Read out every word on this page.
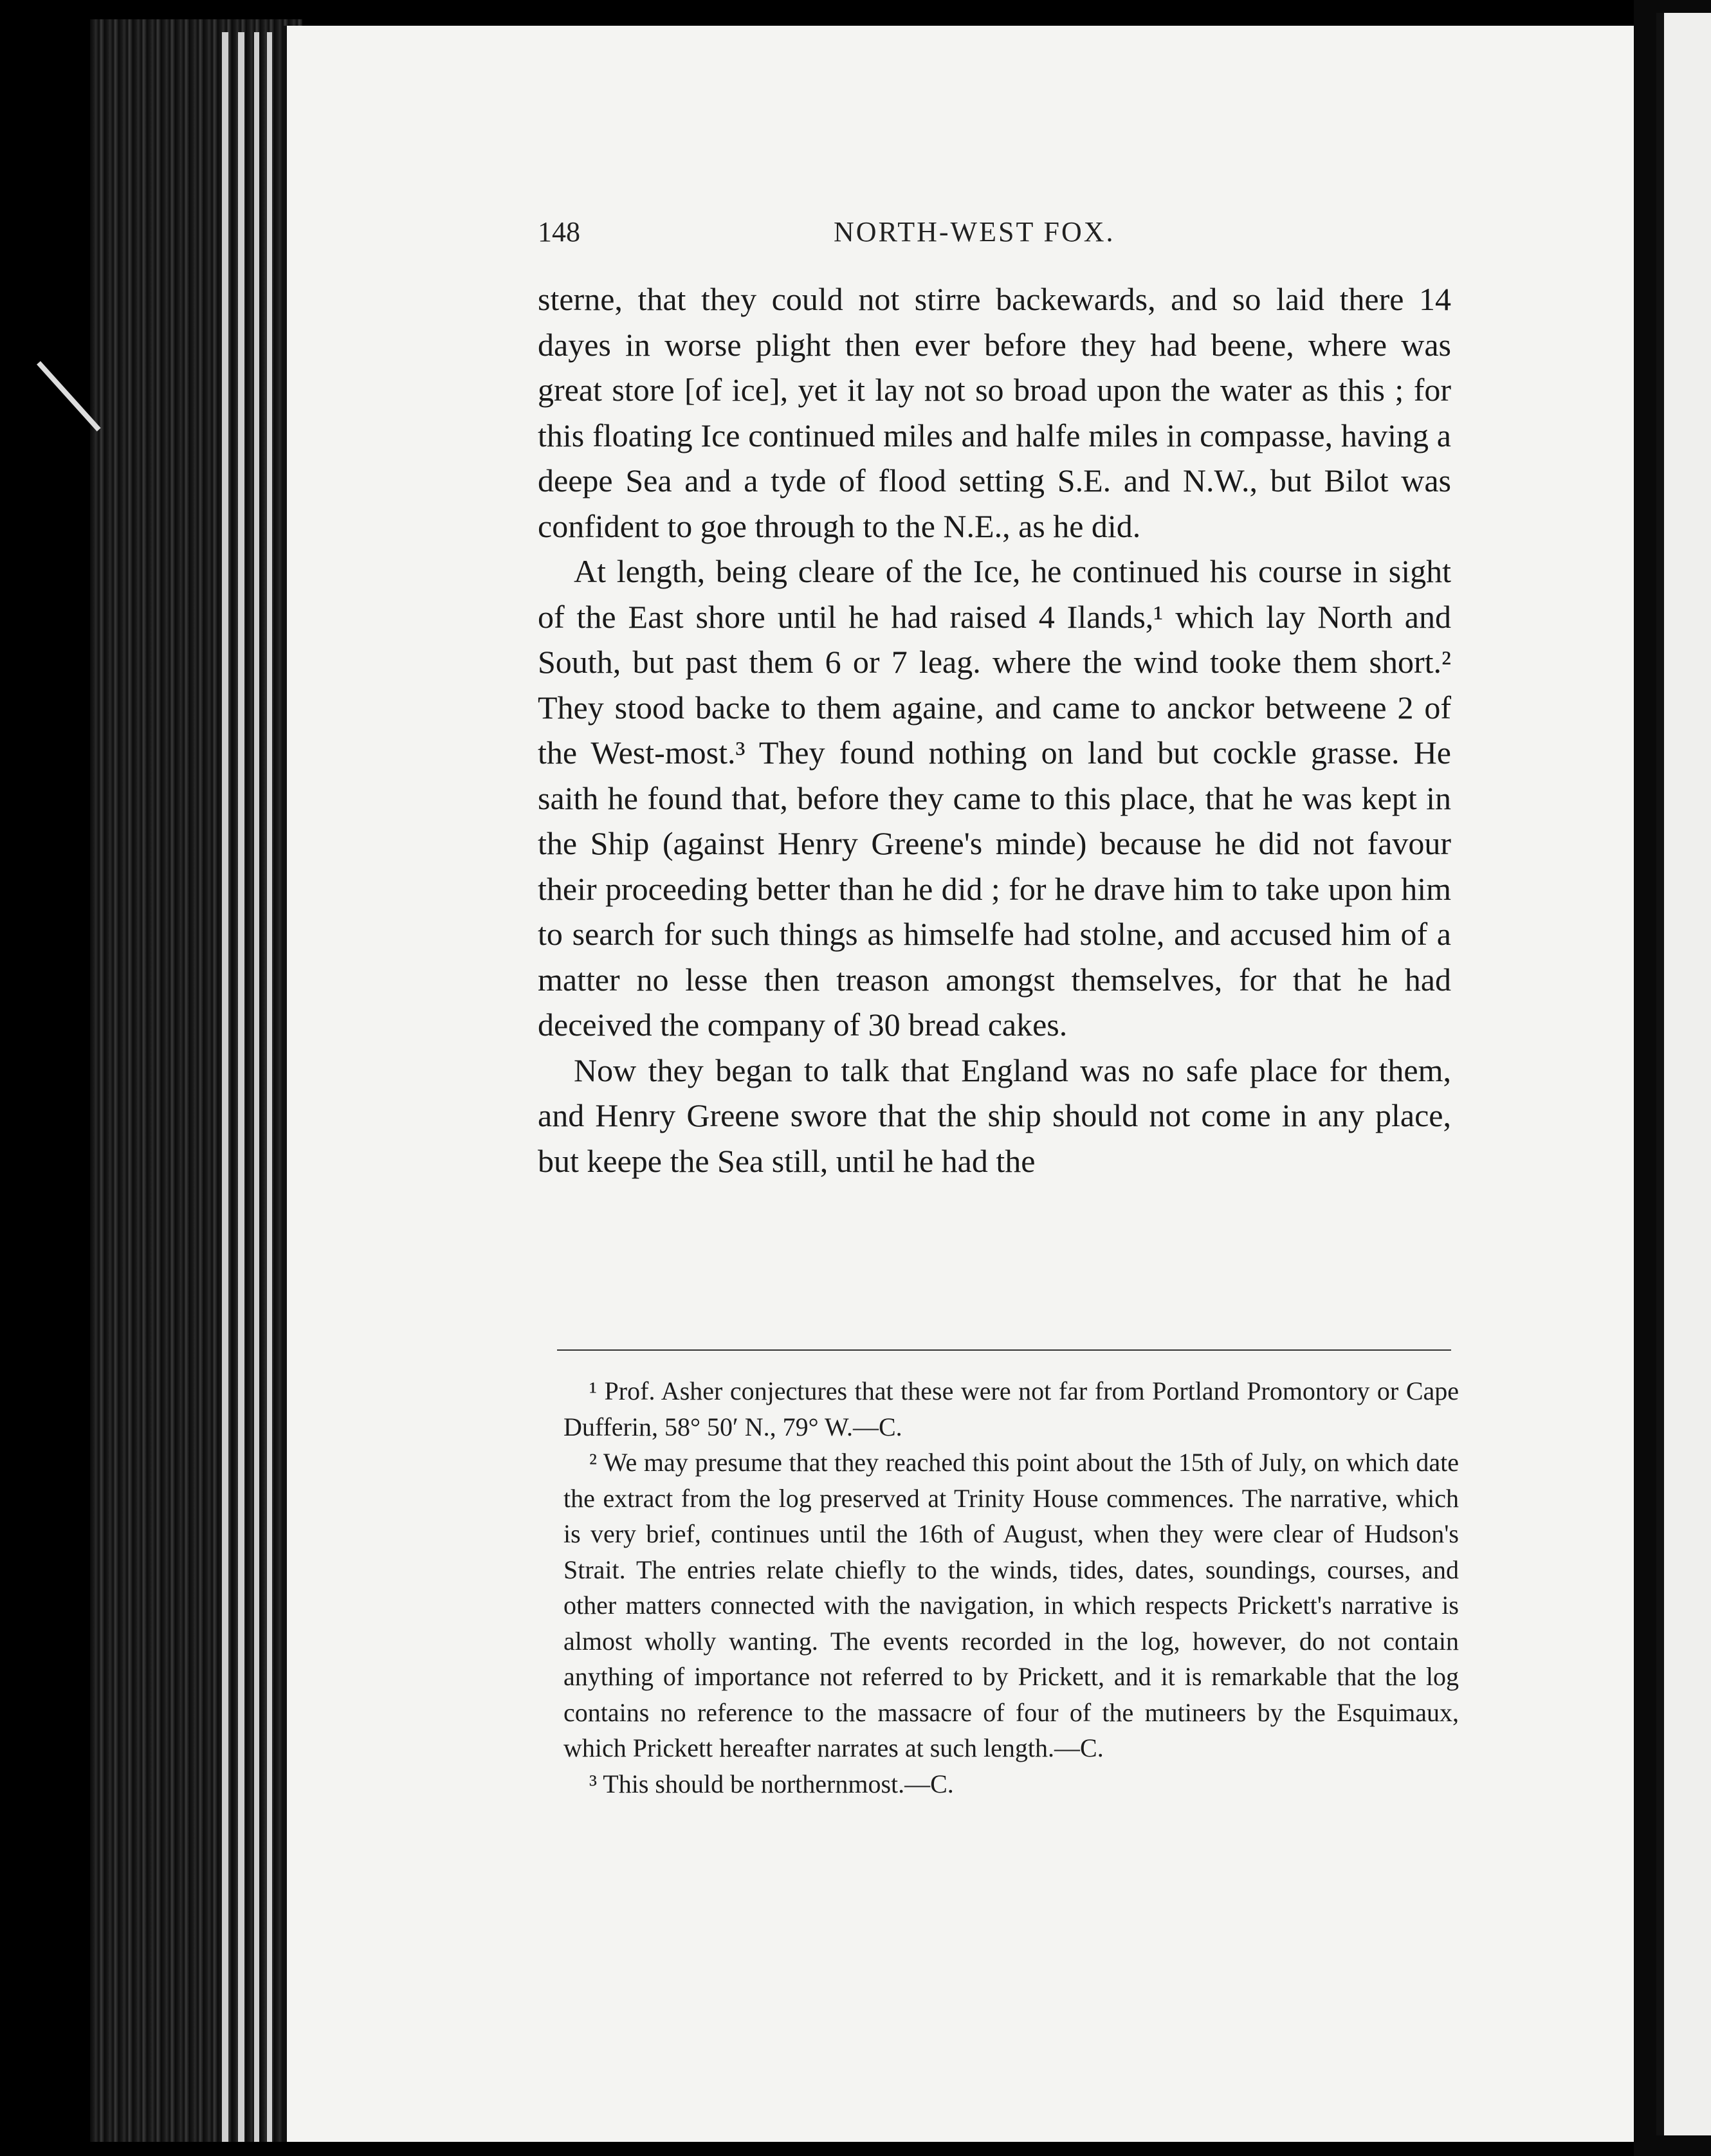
148	NORTH-WEST FOX.

sterne, that they could not stirre backewards, and so laid there 14 dayes in worse plight then ever before they had beene, where was great store [of ice], yet it lay not so broad upon the water as this ; for this floating Ice continued miles and halfe miles in compasse, having a deepe Sea and a tyde of flood setting S.E. and N.W., but Bilot was confident to goe through to the N.E., as he did.

At length, being cleare of the Ice, he continued his course in sight of the East shore until he had raised 4 Ilands,¹ which lay North and South, but past them 6 or 7 leag. where the wind tooke them short.² They stood backe to them againe, and came to anckor betweene 2 of the West-most.³ They found nothing on land but cockle grasse. He saith he found that, before they came to this place, that he was kept in the Ship (against Henry Greene's minde) because he did not favour their proceeding better than he did ; for he drave him to take upon him to search for such things as himselfe had stolne, and accused him of a matter no lesse then treason amongst themselves, for that he had deceived the company of 30 bread cakes.

Now they began to talk that England was no safe place for them, and Henry Greene swore that the ship should not come in any place, but keepe the Sea still, until he had the

¹ Prof. Asher conjectures that these were not far from Portland Promontory or Cape Dufferin, 58° 50′ N., 79° W.—C.

² We may presume that they reached this point about the 15th of July, on which date the extract from the log preserved at Trinity House commences. The narrative, which is very brief, continues until the 16th of August, when they were clear of Hudson's Strait. The entries relate chiefly to the winds, tides, dates, soundings, courses, and other matters connected with the navigation, in which respects Prickett's narrative is almost wholly wanting. The events recorded in the log, however, do not contain anything of importance not referred to by Prickett, and it is remarkable that the log contains no reference to the massacre of four of the mutineers by the Esquimaux, which Prickett hereafter narrates at such length.—C.

³ This should be northernmost.—C.
